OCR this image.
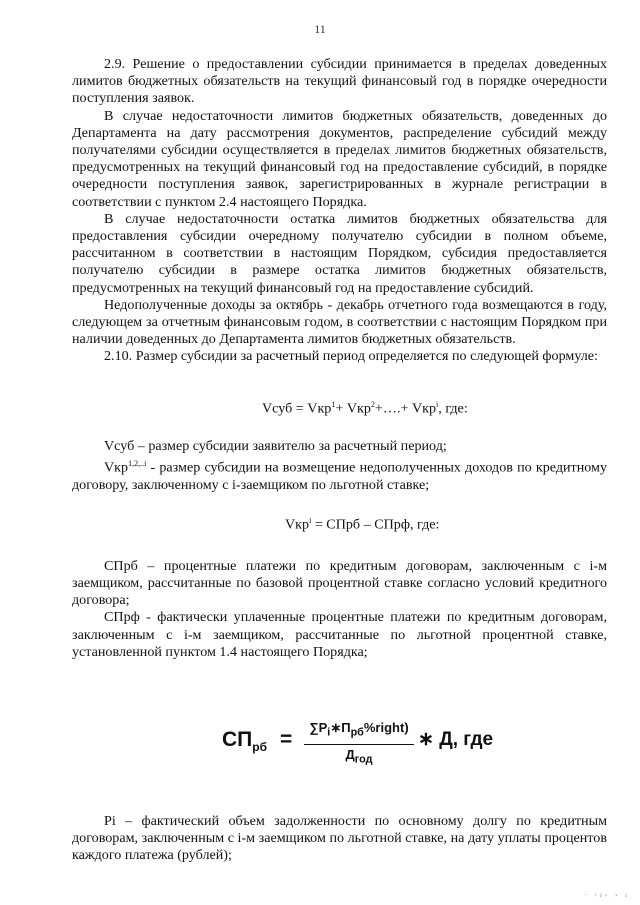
11

2.9. Решение о предоставлении субсидии принимается в пределах доведенных лимитов бюджетных обязательств на текущий финансовый год в порядке очередности поступления заявок.

В случае недостаточности лимитов бюджетных обязательств, доведенных до Департамента на дату рассмотрения документов, распределение субсидий между получателями субсидии осуществляется в пределах лимитов бюджетных обязательств, предусмотренных на текущий финансовый год на предоставление субсидий, в порядке очередности поступления заявок, зарегистрированных в журнале регистрации в соответствии с пунктом 2.4 настоящего Порядка.

В случае недостаточности остатка лимитов бюджетных обязательства для предоставления субсидии очередному получателю субсидии в полном объеме, рассчитанном в соответствии в настоящим Порядком, субсидия предоставляется получателю субсидии в размере остатка лимитов бюджетных обязательств, предусмотренных на текущий финансовый год на предоставление субсидий.

Недополученные доходы за октябрь - декабрь отчетного года возмещаются в году, следующем за отчетным финансовым годом, в соответствии с настоящим Порядком при наличии доведенных до Департамента лимитов бюджетных обязательств.

2.10. Размер субсидии за расчетный период определяется по следующей формуле:

Vсуб = Vкр$^1$+ Vкр$^2$+….+ Vкр$^i$, где:

Vсуб – размер субсидии заявителю за расчетный период;

Vкр$^{1,2,..i}$ - размер субсидии на возмещение недополученных доходов по кредитному договору, заключенному с i-заемщиком по льготной ставке;

Vкр$^i$ = СПрб – СПрф, где:

СПрб – процентные платежи по кредитным договорам, заключенным с i-м заемщиком, рассчитанные по базовой процентной ставке согласно условий кредитного договора;

СПрф - фактически уплаченные процентные платежи по кредитным договорам, заключенным с i-м заемщиком, рассчитанные по льготной процентной ставке, установленной пунктом 1.4 настоящего Порядка;

$СП_{рб}$ =
$\sum P_i∗П_{рб}\%right$)
$Д_{год}$
∗ Д, где

Pi – фактический объем задолженности по основному долгу по кредитным договорам, заключенным с i-м заемщиком по льготной ставке, на дату уплаты процентов каждого платежа (рублей);

· ‹ı› › ı
